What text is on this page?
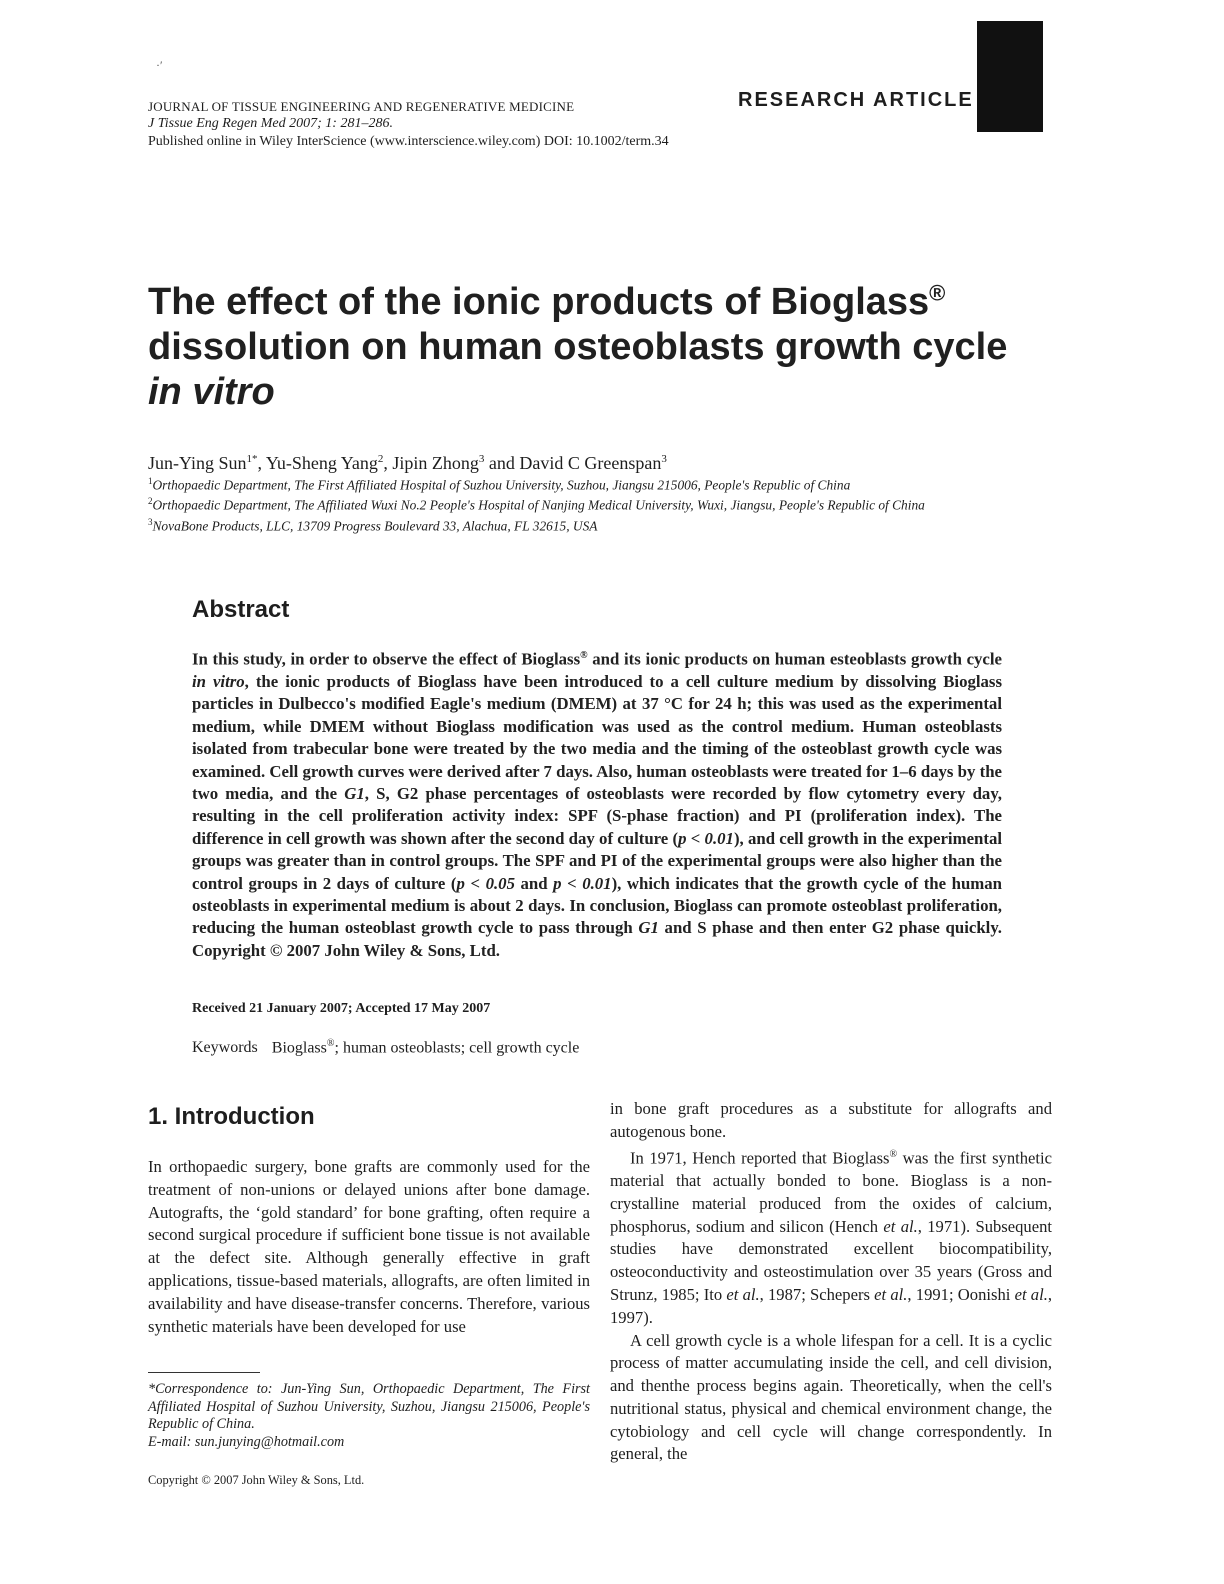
·′
JOURNAL OF TISSUE ENGINEERING AND REGENERATIVE MEDICINE
J Tissue Eng Regen Med 2007; 1: 281–286.
Published online in Wiley InterScience (www.interscience.wiley.com) DOI: 10.1002/term.34
RESEARCH ARTICLE
The effect of the ionic products of Bioglass®
dissolution on human osteoblasts growth cycle
in vitro
Jun-Ying Sun$^{1*}$, Yu-Sheng Yang$^2$, Jipin Zhong$^3$ and David C Greenspan$^3$
$^1$Orthopaedic Department, The First Affiliated Hospital of Suzhou University, Suzhou, Jiangsu 215006, People's Republic of China
$^2$Orthopaedic Department, The Affiliated Wuxi No.2 People's Hospital of Nanjing Medical University, Wuxi, Jiangsu, People's Republic of China
$^3$NovaBone Products, LLC, 13709 Progress Boulevard 33, Alachua, FL 32615, USA
Abstract
In this study, in order to observe the effect of Bioglass® and its ionic products on human esteoblasts growth cycle in vitro, the ionic products of Bioglass have been introduced to a cell culture medium by dissolving Bioglass particles in Dulbecco's modified Eagle's medium (DMEM) at 37 °C for 24 h; this was used as the experimental medium, while DMEM without Bioglass modification was used as the control medium. Human osteoblasts isolated from trabecular bone were treated by the two media and the timing of the osteoblast growth cycle was examined. Cell growth curves were derived after 7 days. Also, human osteoblasts were treated for 1–6 days by the two media, and the G1, S, G2 phase percentages of osteoblasts were recorded by flow cytometry every day, resulting in the cell proliferation activity index: SPF (S-phase fraction) and PI (proliferation index). The difference in cell growth was shown after the second day of culture (p < 0.01), and cell growth in the experimental groups was greater than in control groups. The SPF and PI of the experimental groups were also higher than the control groups in 2 days of culture (p < 0.05 and p < 0.01), which indicates that the growth cycle of the human osteoblasts in experimental medium is about 2 days. In conclusion, Bioglass can promote osteoblast proliferation, reducing the human osteoblast growth cycle to pass through G1 and S phase and then enter G2 phase quickly. Copyright © 2007 John Wiley & Sons, Ltd.
Received 21 January 2007; Accepted 17 May 2007
Keywords Bioglass®; human osteoblasts; cell growth cycle
1. Introduction
In orthopaedic surgery, bone grafts are commonly used for the treatment of non-unions or delayed unions after bone damage. Autografts, the ‘gold standard’ for bone grafting, often require a second surgical procedure if sufficient bone tissue is not available at the defect site. Although generally effective in graft applications, tissue-based materials, allografts, are often limited in availability and have disease-transfer concerns. Therefore, various synthetic materials have been developed for use
*Correspondence to: Jun-Ying Sun, Orthopaedic Department, The First Affiliated Hospital of Suzhou University, Suzhou, Jiangsu 215006, People's Republic of China.
E-mail: sun.junying@hotmail.com
Copyright © 2007 John Wiley & Sons, Ltd.

in bone graft procedures as a substitute for allografts and autogenous bone.

In 1971, Hench reported that Bioglass® was the first synthetic material that actually bonded to bone. Bioglass is a non-crystalline material produced from the oxides of calcium, phosphorus, sodium and silicon (Hench et al., 1971). Subsequent studies have demonstrated excellent biocompatibility, osteoconductivity and osteostimulation over 35 years (Gross and Strunz, 1985; Ito et al., 1987; Schepers et al., 1991; Oonishi et al., 1997).

A cell growth cycle is a whole lifespan for a cell. It is a cyclic process of matter accumulating inside the cell, and cell division, and thenthe process begins again. Theoretically, when the cell's nutritional status, physical and chemical environment change, the cytobiology and cell cycle will change correspondently. In general, the
